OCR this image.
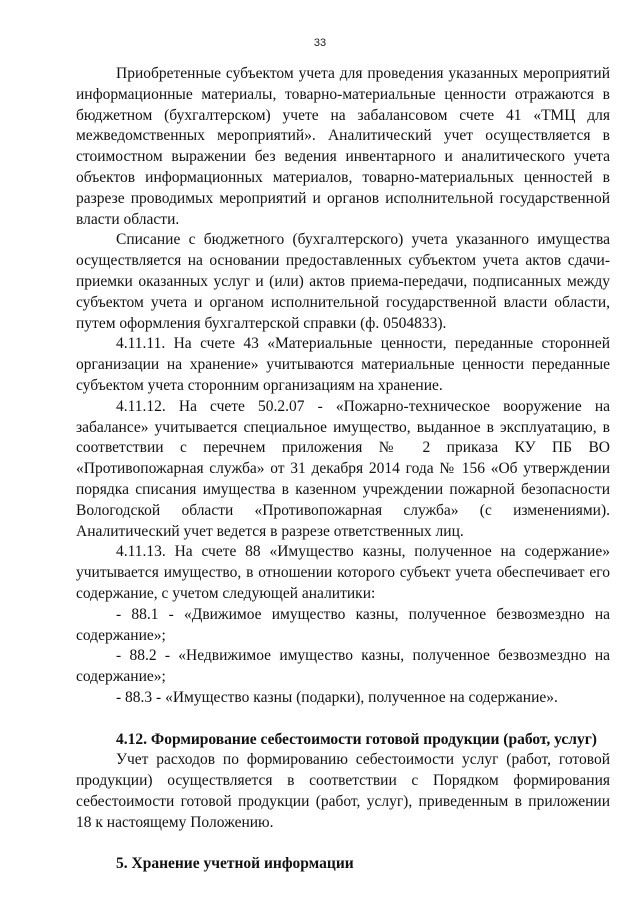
33

Приобретенные субъектом учета для проведения указанных мероприятий информационные материалы, товарно-материальные ценности отражаются в бюджетном (бухгалтерском) учете на забалансовом счете 41 «ТМЦ для межведомственных мероприятий». Аналитический учет осуществляется в стоимостном выражении без ведения инвентарного и аналитического учета объектов информационных материалов, товарно-материальных ценностей в разрезе проводимых мероприятий и органов исполнительной государственной власти области.

Списание с бюджетного (бухгалтерского) учета указанного имущества осуществляется на основании предоставленных субъектом учета актов сдачи-приемки оказанных услуг и (или) актов приема-передачи, подписанных между субъектом учета и органом исполнительной государственной власти области, путем оформления бухгалтерской справки (ф. 0504833).

4.11.11. На счете 43 «Материальные ценности, переданные сторонней организации на хранение» учитываются материальные ценности переданные субъектом учета сторонним организациям на хранение.

4.11.12. На счете 50.2.07 - «Пожарно-техническое вооружение на забалансе» учитывается специальное имущество, выданное в эксплуатацию, в соответствии с перечнем приложения № 2 приказа КУ ПБ ВО «Противопожарная служба» от 31 декабря 2014 года № 156 «Об утверждении порядка списания имущества в казенном учреждении пожарной безопасности Вологодской области «Противопожарная служба» (с изменениями). Аналитический учет ведется в разрезе ответственных лиц.

4.11.13. На счете 88 «Имущество казны, полученное на содержание» учитывается имущество, в отношении которого субъект учета обеспечивает его содержание, с учетом следующей аналитики:

- 88.1 - «Движимое имущество казны, полученное безвозмездно на содержание»;

- 88.2 - «Недвижимое имущество казны, полученное безвозмездно на содержание»;

- 88.3 - «Имущество казны (подарки), полученное на содержание».

4.12. Формирование себестоимости готовой продукции (работ, услуг)

Учет расходов по формированию себестоимости услуг (работ, готовой продукции) осуществляется в соответствии с Порядком формирования себестоимости готовой продукции (работ, услуг), приведенным в приложении 18 к настоящему Положению.

5. Хранение учетной информации
